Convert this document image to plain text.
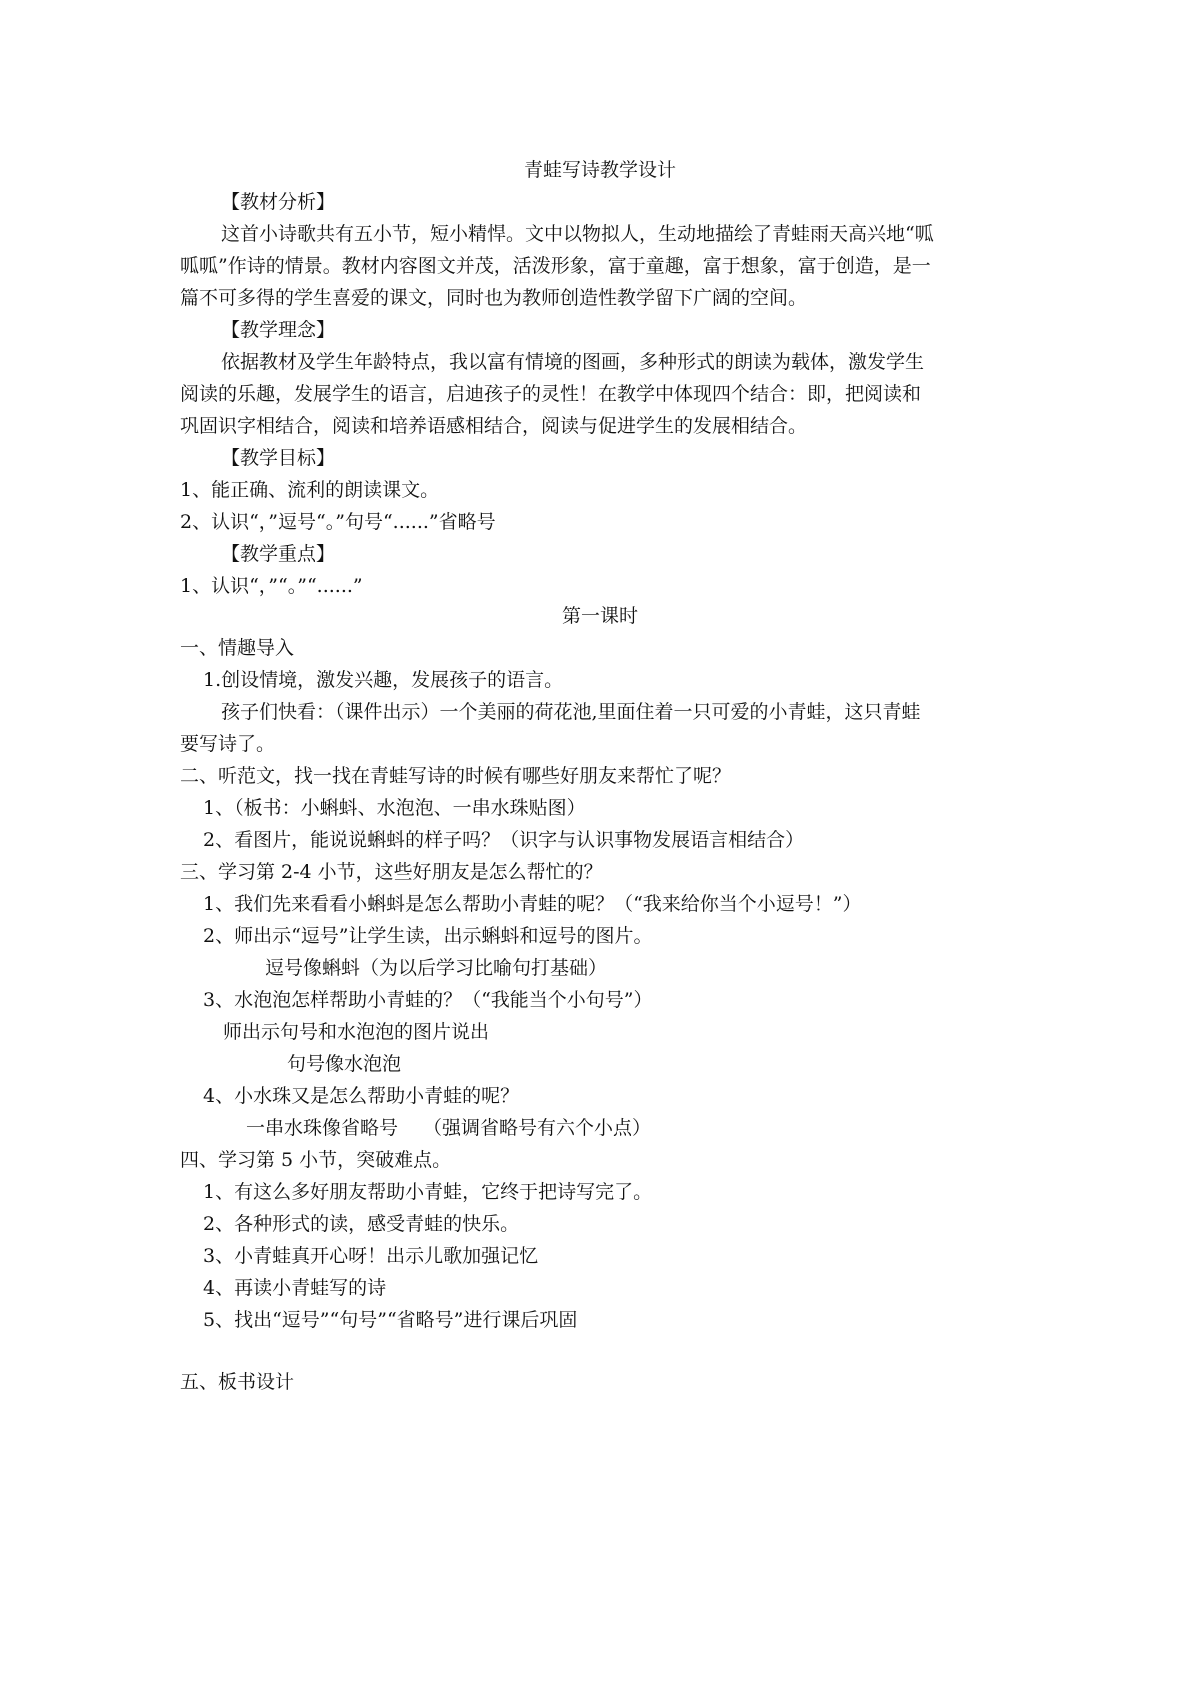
青蛙写诗教学设计
【教材分析】
这首小诗歌共有五小节，短小精悍。文中以物拟人，生动地描绘了青蛙雨天高兴地“呱
呱呱”作诗的情景。教材内容图文并茂，活泼形象，富于童趣，富于想象，富于创造，是一
篇不可多得的学生喜爱的课文，同时也为教师创造性教学留下广阔的空间。
【教学理念】
依据教材及学生年龄特点，我以富有情境的图画，多种形式的朗读为载体，激发学生
阅读的乐趣，发展学生的语言，启迪孩子的灵性！在教学中体现四个结合：即，把阅读和
巩固识字相结合，阅读和培养语感相结合，阅读与促进学生的发展相结合。
【教学目标】
1、能正确、流利的朗读课文。
2、认识“，”逗号“。”句号“......”省略号
【教学重点】
1、认识“，”“。”“......”
第一课时
一、情趣导入
1.创设情境，激发兴趣，发展孩子的语言。
孩子们快看：（课件出示）一个美丽的荷花池,里面住着一只可爱的小青蛙，这只青蛙
要写诗了。
二、听范文，找一找在青蛙写诗的时候有哪些好朋友来帮忙了呢？
1、（板书：小蝌蚪、水泡泡、一串水珠贴图）
2、看图片，能说说蝌蚪的样子吗？（识字与认识事物发展语言相结合）
三、学习第 2-4 小节，这些好朋友是怎么帮忙的？
1、我们先来看看小蝌蚪是怎么帮助小青蛙的呢？（“我来给你当个小逗号！”）
2、师出示“逗号”让学生读，出示蝌蚪和逗号的图片。
逗号像蝌蚪（为以后学习比喻句打基础）
3、水泡泡怎样帮助小青蛙的？（“我能当个小句号”）
师出示句号和水泡泡的图片说出
句号像水泡泡
4、小水珠又是怎么帮助小青蛙的呢？
一串水珠像省略号　 （强调省略号有六个小点）
四、学习第 5 小节，突破难点。
1、有这么多好朋友帮助小青蛙，它终于把诗写完了。
2、各种形式的读，感受青蛙的快乐。
3、小青蛙真开心呀！出示儿歌加强记忆
4、再读小青蛙写的诗
5、找出“逗号”“句号”“省略号”进行课后巩固
五、板书设计
